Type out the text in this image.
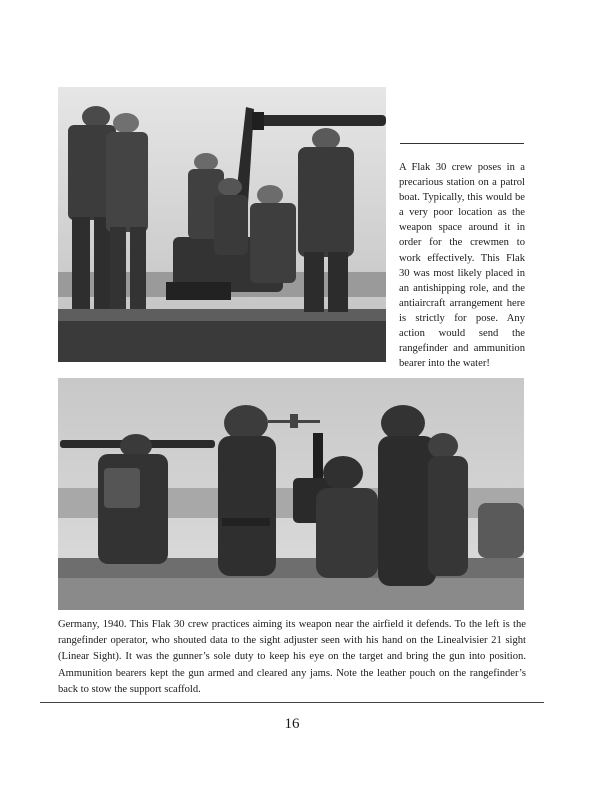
A Flak 30 crew poses in a precarious station on a patrol boat. Typically, this would be a very poor location as the weapon space around it in order for the crewmen to work effectively. This Flak 30 was most likely placed in an antishipping role, and the antiaircraft arrangement here is strictly for pose. Any action would send the rangefinder and ammunition bearer into the water!

Germany, 1940. This Flak 30 crew practices aiming its weapon near the airfield it defends. To the left is the rangefinder operator, who shouted data to the sight adjuster seen with his hand on the Linealvisier 21 sight (Linear Sight). It was the gunner’s sole duty to keep his eye on the target and bring the gun into position. Ammunition bearers kept the gun armed and cleared any jams. Note the leather pouch on the rangefinder’s back to stow the support scaffold.

16
